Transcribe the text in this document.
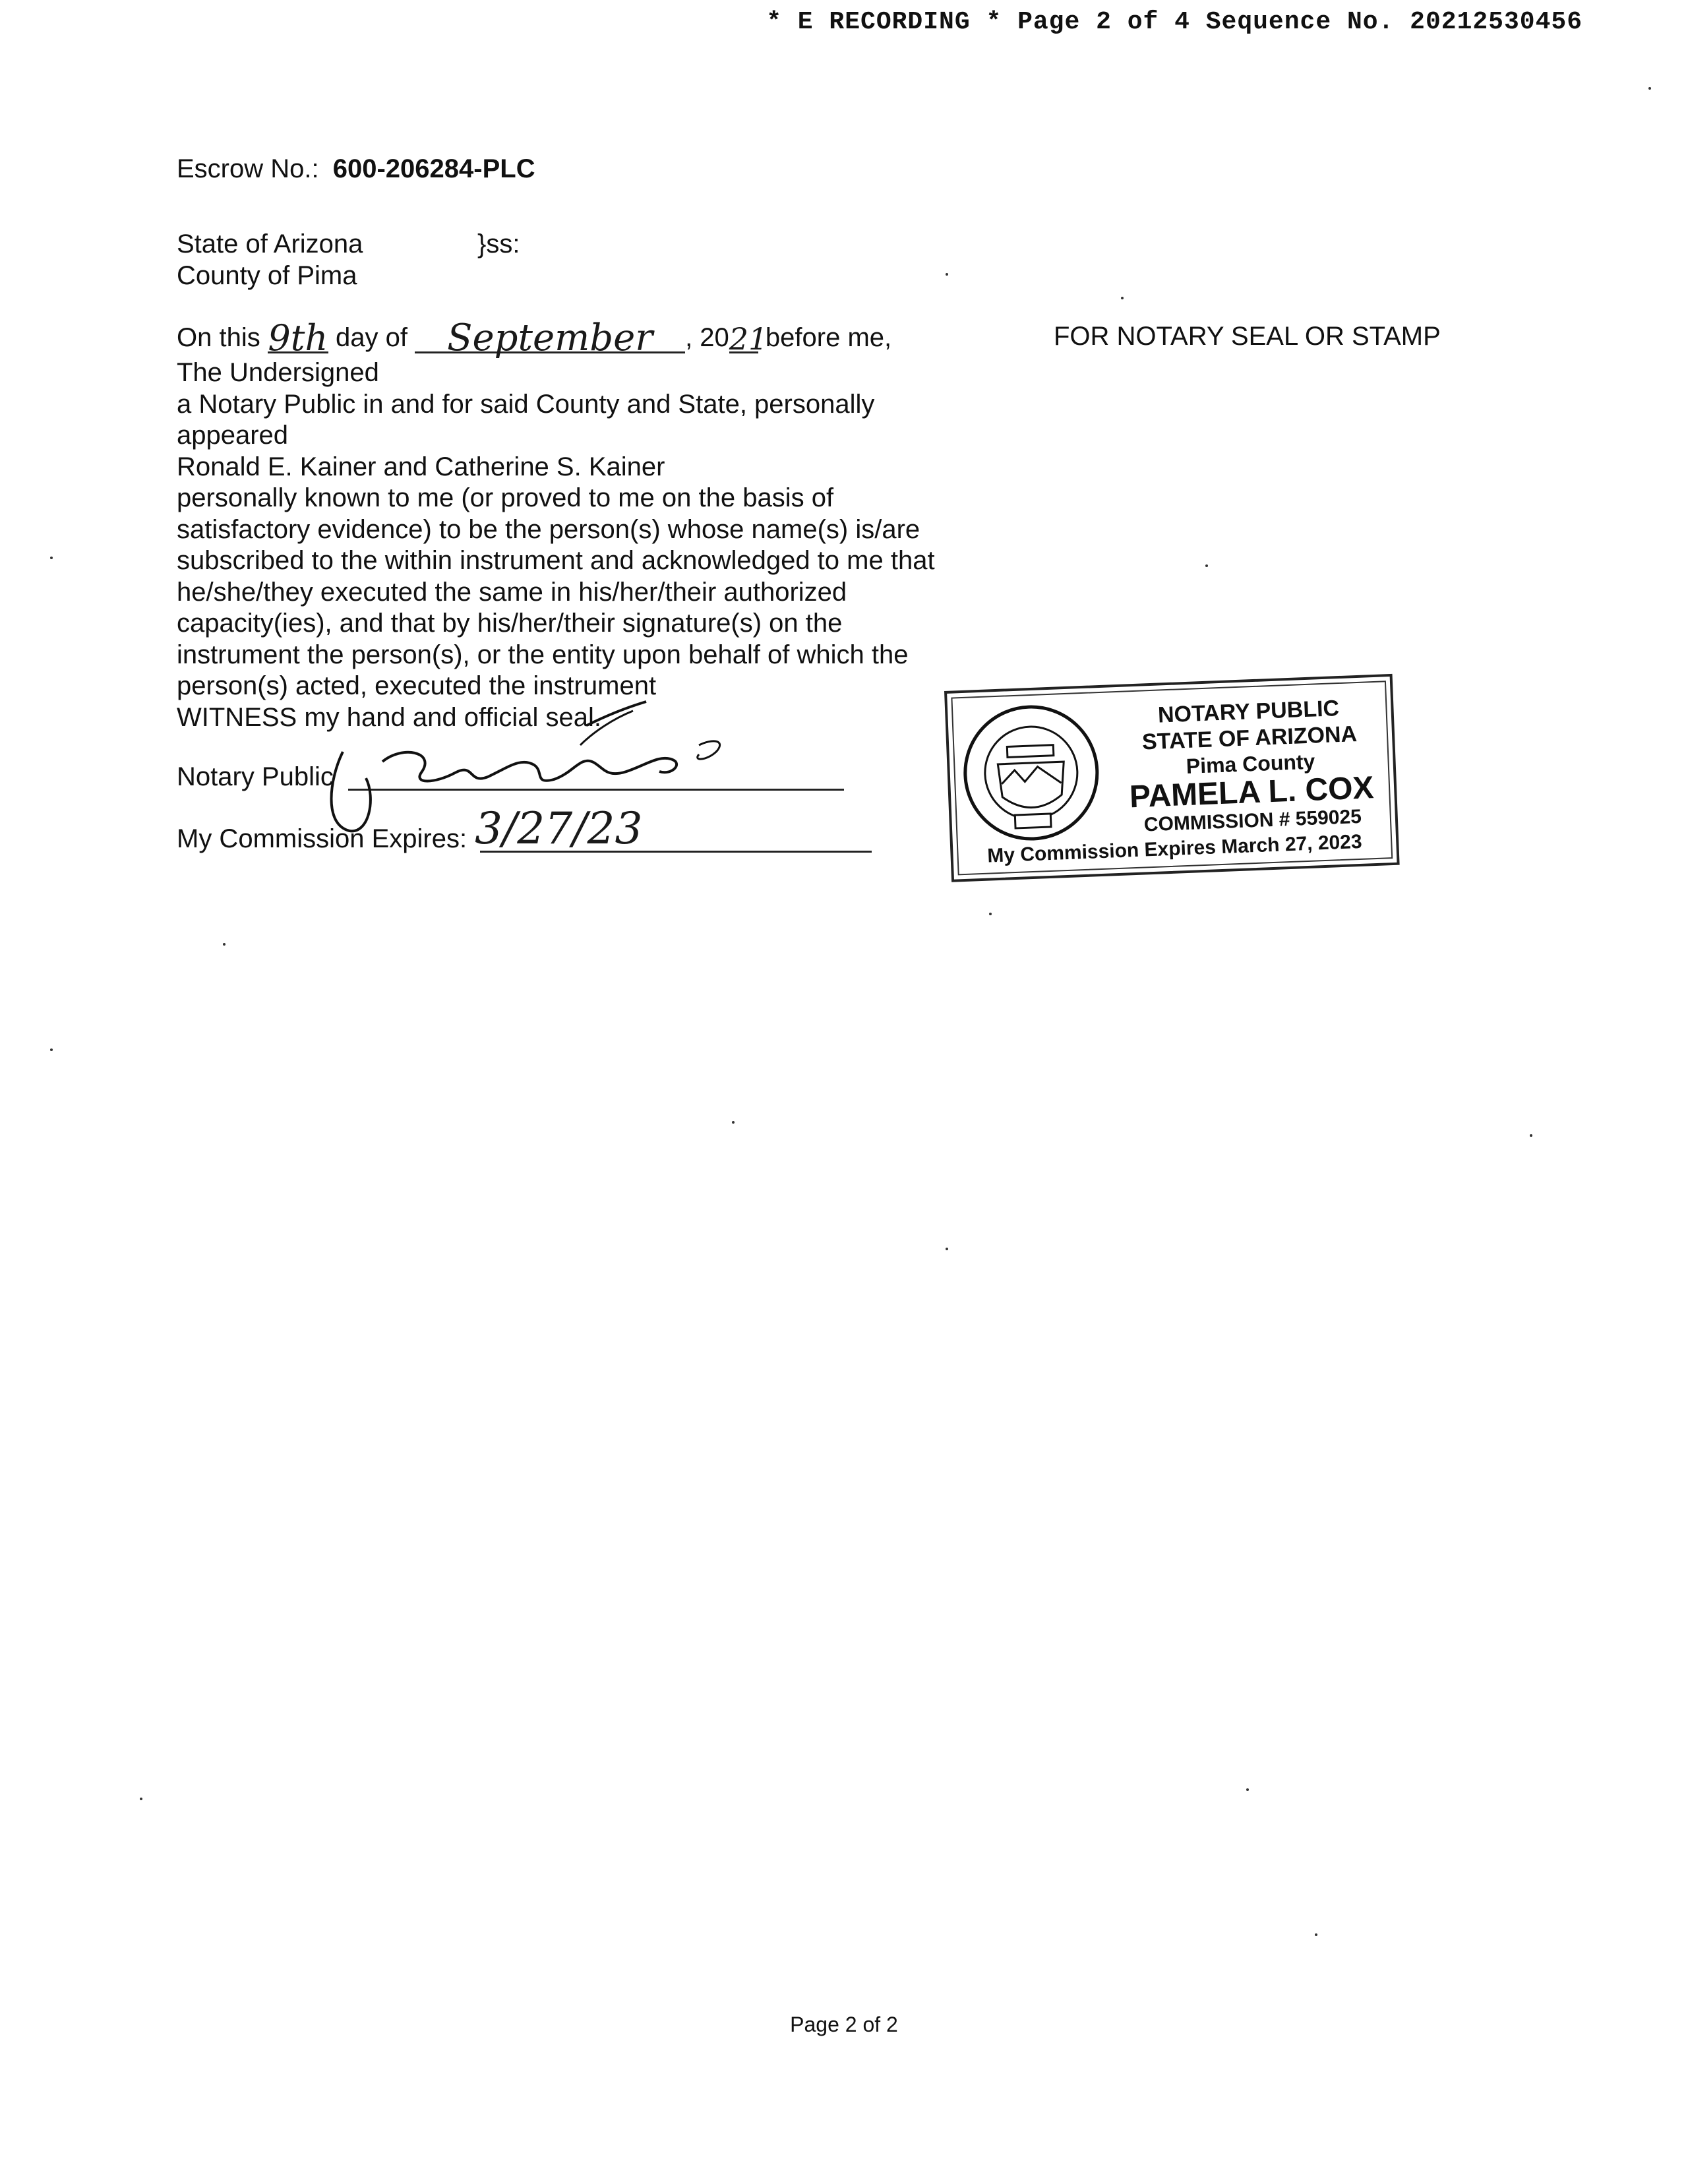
* E RECORDING * Page 2 of 4 Sequence No. 20212530456
Escrow No.: 600-206284-PLC
State of Arizona	}ss:
County of Pima
On this 9th day of September , 2021 before me,	FOR NOTARY SEAL OR STAMP
The Undersigned
a Notary Public in and for said County and State, personally
appeared
Ronald E. Kainer and Catherine S. Kainer
personally known to me (or proved to me on the basis of
satisfactory evidence) to be the person(s) whose name(s) is/are
subscribed to the within instrument and acknowledged to me that
he/she/they executed the same in his/her/their authorized
capacity(ies), and that by his/her/their signature(s) on the
instrument the person(s), or the entity upon behalf of which the
person(s) acted, executed the instrument
WITNESS my hand and official seal.
Notary Public
My Commission Expires: 3/27/23
NOTARY PUBLIC
STATE OF ARIZONA
Pima County
PAMELA L. COX
COMMISSION # 559025
My Commission Expires March 27, 2023
Page 2 of 2
